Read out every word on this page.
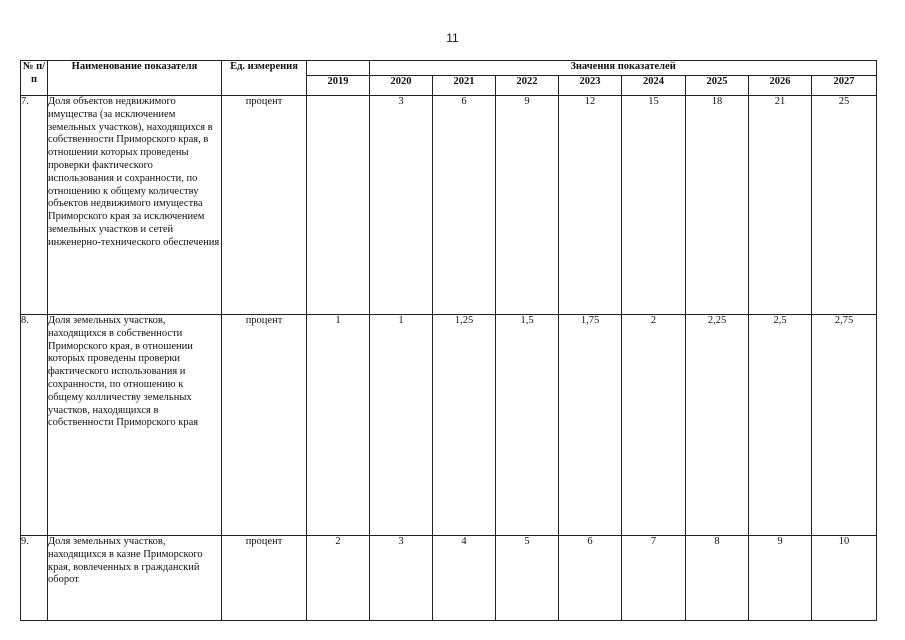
11
№ п/п	Наименование показателя	Ед. измерения		Значения показателей							
			2019	2020	2021	2022	2023	2024	2025	2026	2027
7.	Доля объектов недвижимого имущества (за исключением земельных участков), находящихся в собственности Приморского края, в отношении которых проведены проверки фактического использования и сохранности, по отношению к общему количеству объектов недвижимого имущества Приморского края за исключением земельных участков и сетей инженерно-технического обеспечения	процент		3	6	9	12	15	18	21	25
8.	Доля земельных участков, находящихся в собственности Приморского края, в отношении которых проведены проверки фактического использования и сохранности, по отношению к общему колличеству земельных участков, находящихся в собственности Приморского края	процент	1	1	1,25	1,5	1,75	2	2,25	2,5	2,75
9.	Доля земельных участков, находящихся в казне Приморского края, вовлеченных в гражданский оборот	процент	2	3	4	5	6	7	8	9	10
